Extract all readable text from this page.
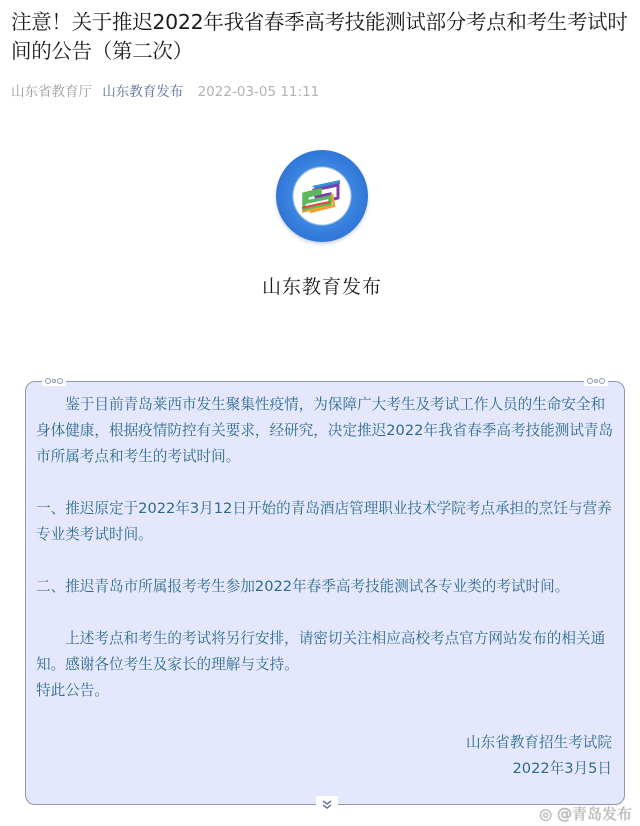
注意！关于推迟2022年我省春季高考技能测试部分考点和考生考试时间的公告（第二次）
山东省教育厅 山东教育发布 2022-03-05 11:11
山东教育发布

鉴于目前青岛莱西市发生聚集性疫情，为保障广大考生及考试工作人员的生命安全和身体健康，根据疫情防控有关要求，经研究，决定推迟2022年我省春季高考技能测试青岛市所属考点和考生的考试时间。

一、推迟原定于2022年3月12日开始的青岛酒店管理职业技术学院考点承担的烹饪与营养专业类考试时间。

二、推迟青岛市所属报考考生参加2022年春季高考技能测试各专业类的考试时间。

上述考点和考生的考试将另行安排，请密切关注相应高校考点官方网站发布的相关通知。感谢各位考生及家长的理解与支持。

特此公告。

山东省教育招生考试院

2022年3月5日

◎ @青岛发布
